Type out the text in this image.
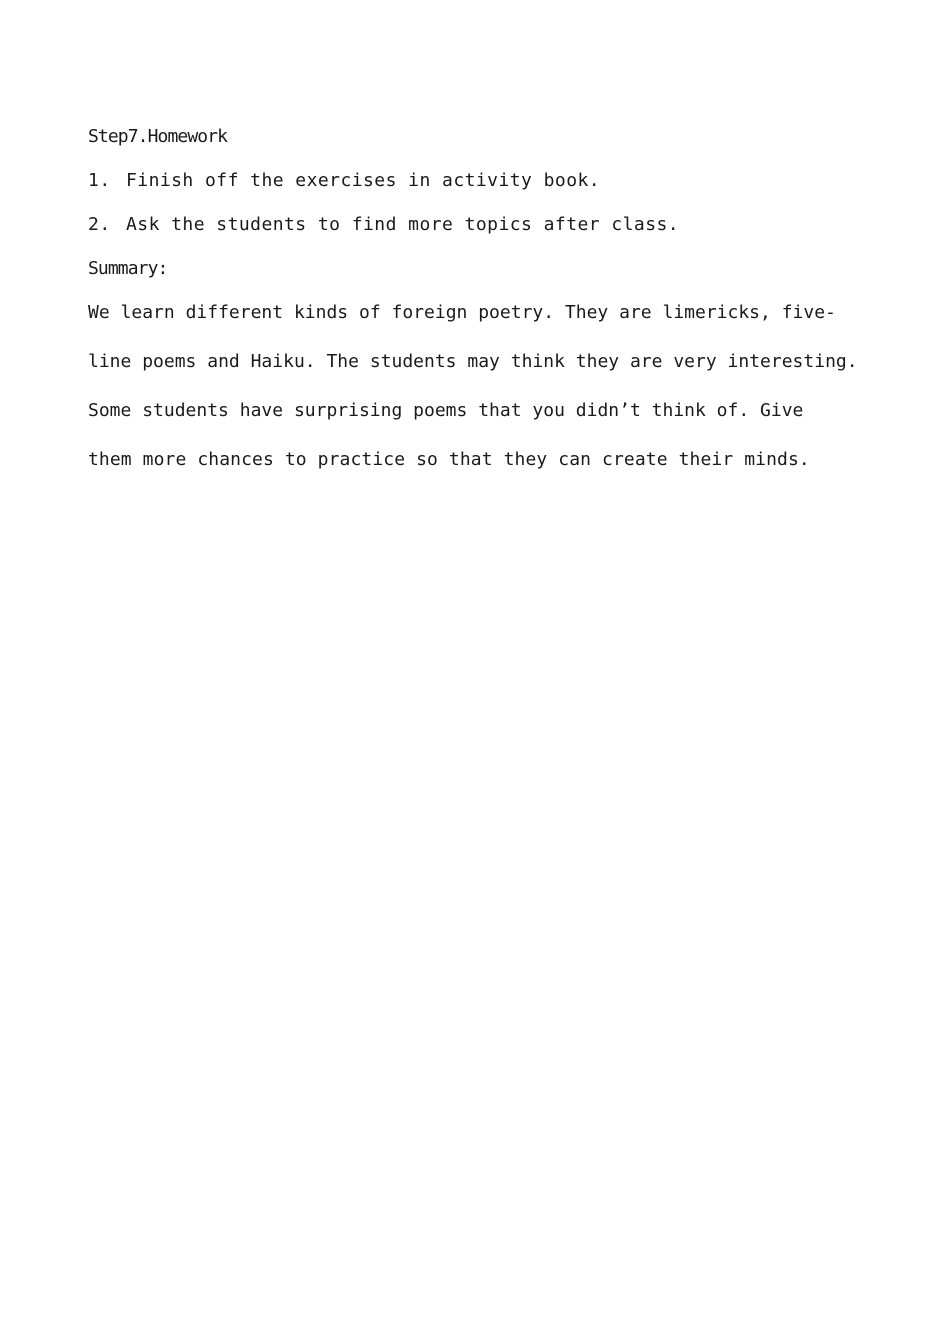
Step7.Homework
1. Finish off the exercises in activity book.
2. Ask the students to find more topics after class.
Summary:
We learn different kinds of foreign poetry. They are limericks, five-
line poems and Haiku. The students may think they are very interesting.
Some students have surprising poems that you didn’t think of. Give
them more chances to practice so that they can create their minds.
